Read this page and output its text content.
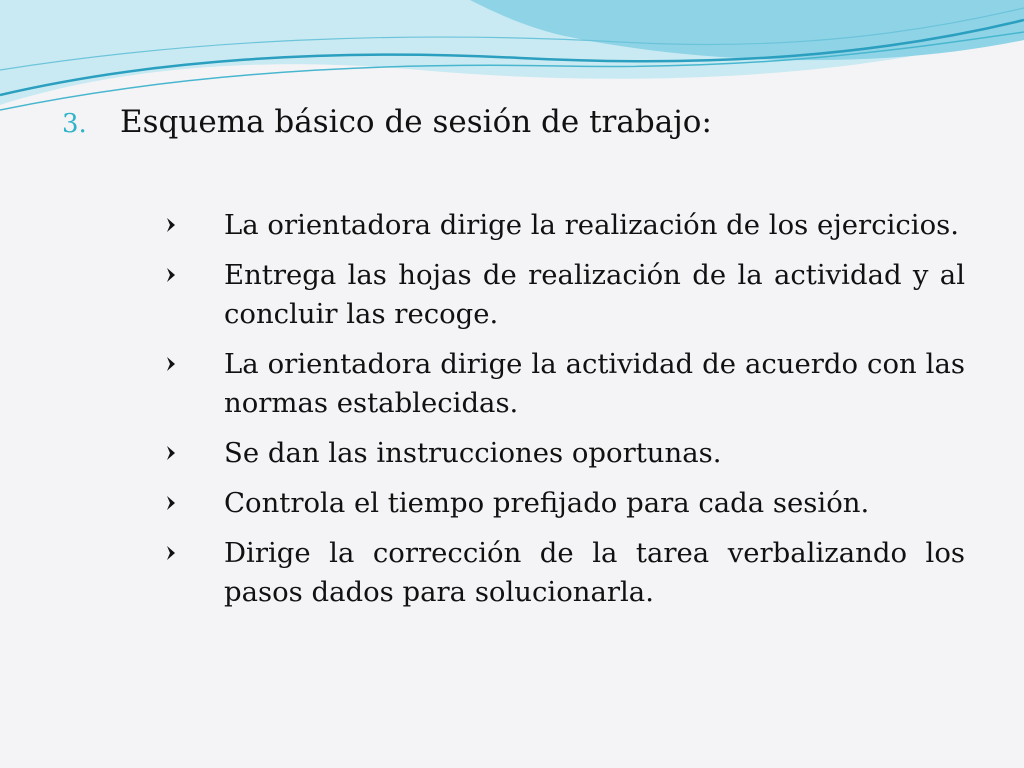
3.	Esquema básico de sesión de trabajo:
La orientadora dirige la realización de los ejercicios.
Entrega las hojas de realización de la actividad y al concluir las recoge.
La orientadora dirige la actividad de acuerdo con las normas establecidas.
Se dan las instrucciones oportunas.
Controla el tiempo prefijado para cada sesión.
Dirige la corrección de la tarea verbalizando los pasos dados para solucionarla.
